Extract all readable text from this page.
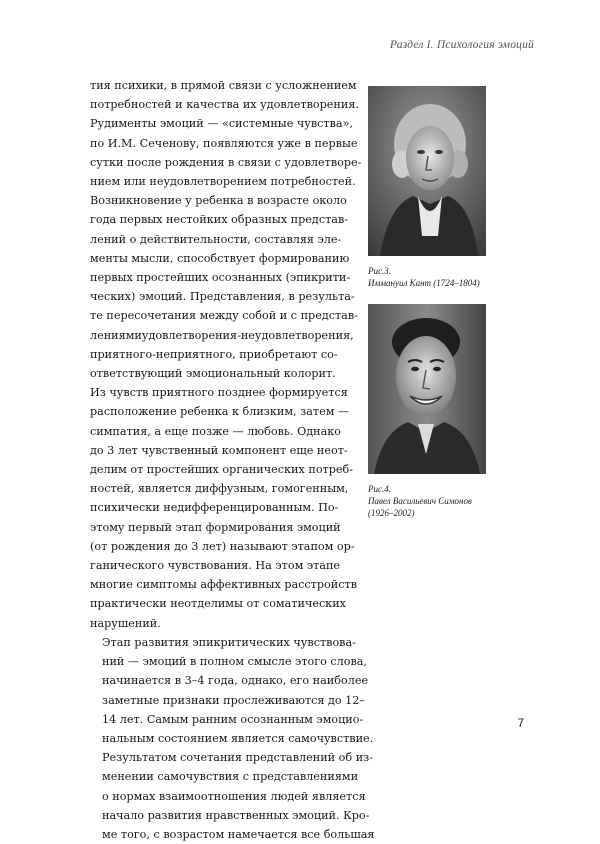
Раздел I. Психология эмоций

тия психики, в прямой связи с усложнением
потребностей и качества их удовлетворения.
Рудименты эмоций — «системные чувства»,
по И.М. Сеченову, появляются уже в первые
сутки после рождения в связи с удовлетворе-
нием или неудовлетворением потребностей.
Возникновение у ребенка в возрасте около
года первых нестойких образных представ-
лений о действительности, составляя эле-
менты мысли, способствует формированию
первых простейших осознанных (эпикрити-
ческих) эмоций. Представления, в результа-
те пересочетания между собой и с представ-
лениямиудовлетворения-неудовлетворения,
приятного-неприятного, приобретают со-
ответствующий эмоциональный колорит.
Из чувств приятного позднее формируется
расположение ребенка к близким, затем —
симпатия, а еще позже — любовь. Однако
до 3 лет чувственный компонент еще неот-
делим от простейших органических потреб-
ностей, является диффузным, гомогенным,
психически недифференцированным. По-
этому первый этап формирования эмоций
(от рождения до 3 лет) называют этапом ор-
ганического чувствования. На этом этапе
многие симптомы аффективных расстройств
практически неотделимы от соматических
нарушений.

Этап развития эпикритических чувствова-
ний — эмоций в полном смысле этого слова,
начинается в 3–4 года, однако, его наиболее
заметные признаки прослеживаются до 12–
14 лет. Самым ранним осознанным эмоцио-
нальным состоянием является самочувствие.
Результатом сочетания представлений об из-
менении самочувствия с представлениями
о нормах взаимоотношения людей является
начало развития нравственных эмоций. Кро-
ме того, с возрастом намечается все большая

Рис.3.
Иммануил Кант (1724–1804)
Рис.4.
Павел Васильевич Симонов
(1926–2002)
7
